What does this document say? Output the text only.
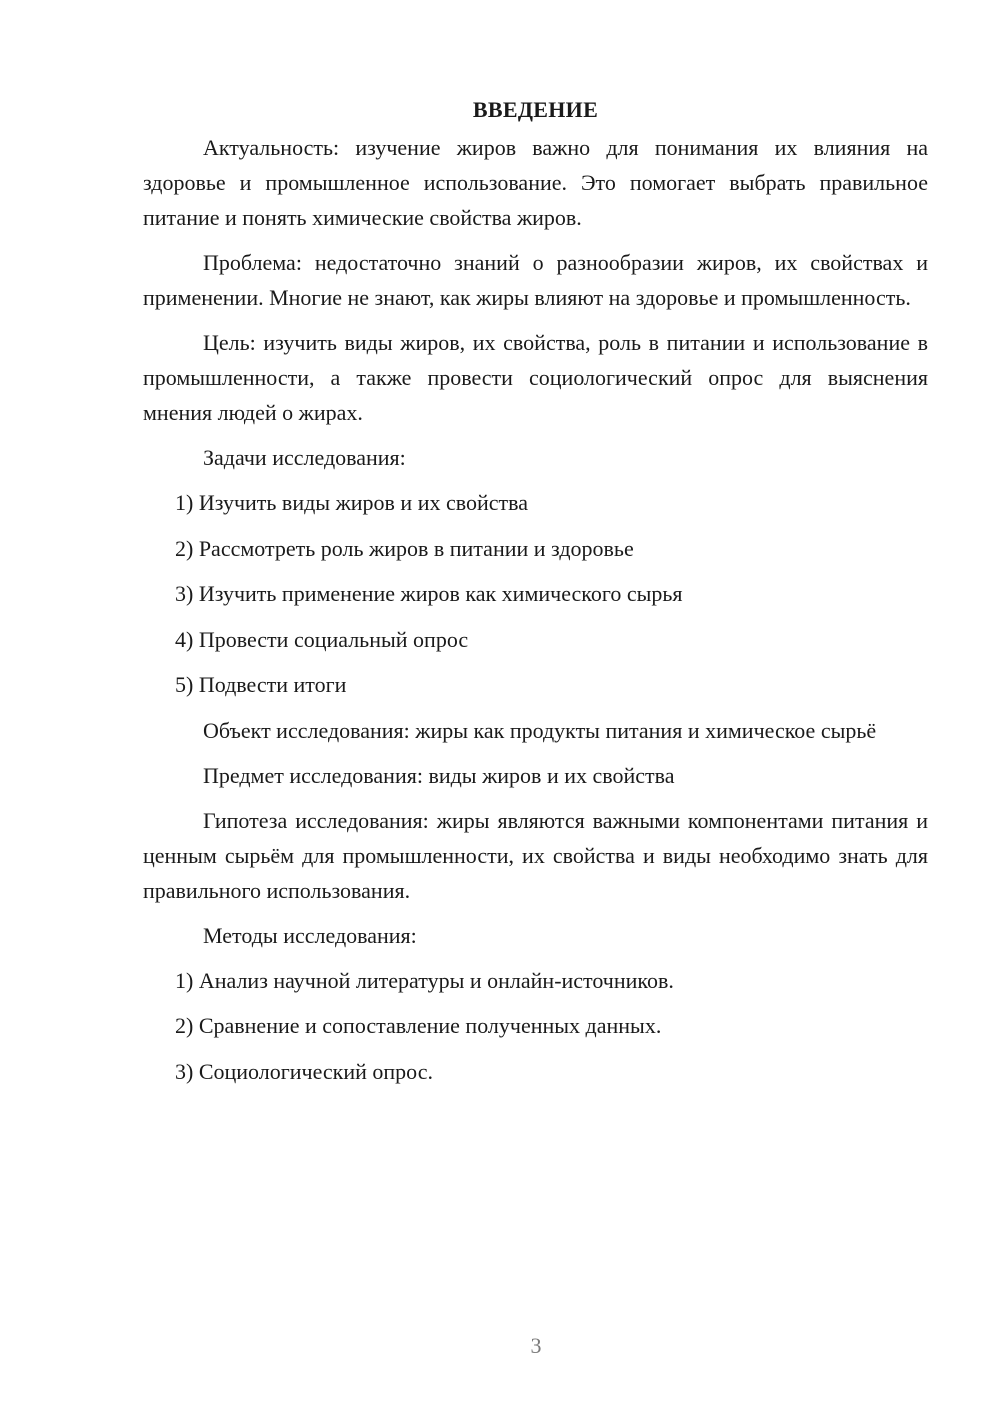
ВВЕДЕНИЕ

Актуальность: изучение жиров важно для понимания их влияния на здоровье и промышленное использование. Это помогает выбрать правильное питание и понять химические свойства жиров.

Проблема: недостаточно знаний о разнообразии жиров, их свойствах и применении. Многие не знают, как жиры влияют на здоровье и промышленность.

Цель: изучить виды жиров, их свойства, роль в питании и использование в промышленности, а также провести социологический опрос для выяснения мнения людей о жирах.

Задачи исследования:

1) Изучить виды жиров и их свойства
2) Рассмотреть роль жиров в питании и здоровье
3) Изучить применение жиров как химического сырья
4) Провести социальный опрос
5) Подвести итоги

Объект исследования: жиры как продукты питания и химическое сырьё

Предмет исследования: виды жиров и их свойства

Гипотеза исследования: жиры являются важными компонентами питания и ценным сырьём для промышленности, их свойства и виды необходимо знать для правильного использования.

Методы исследования:

1) Анализ научной литературы и онлайн-источников.
2) Сравнение и сопоставление полученных данных.
3) Социологический опрос.
3
